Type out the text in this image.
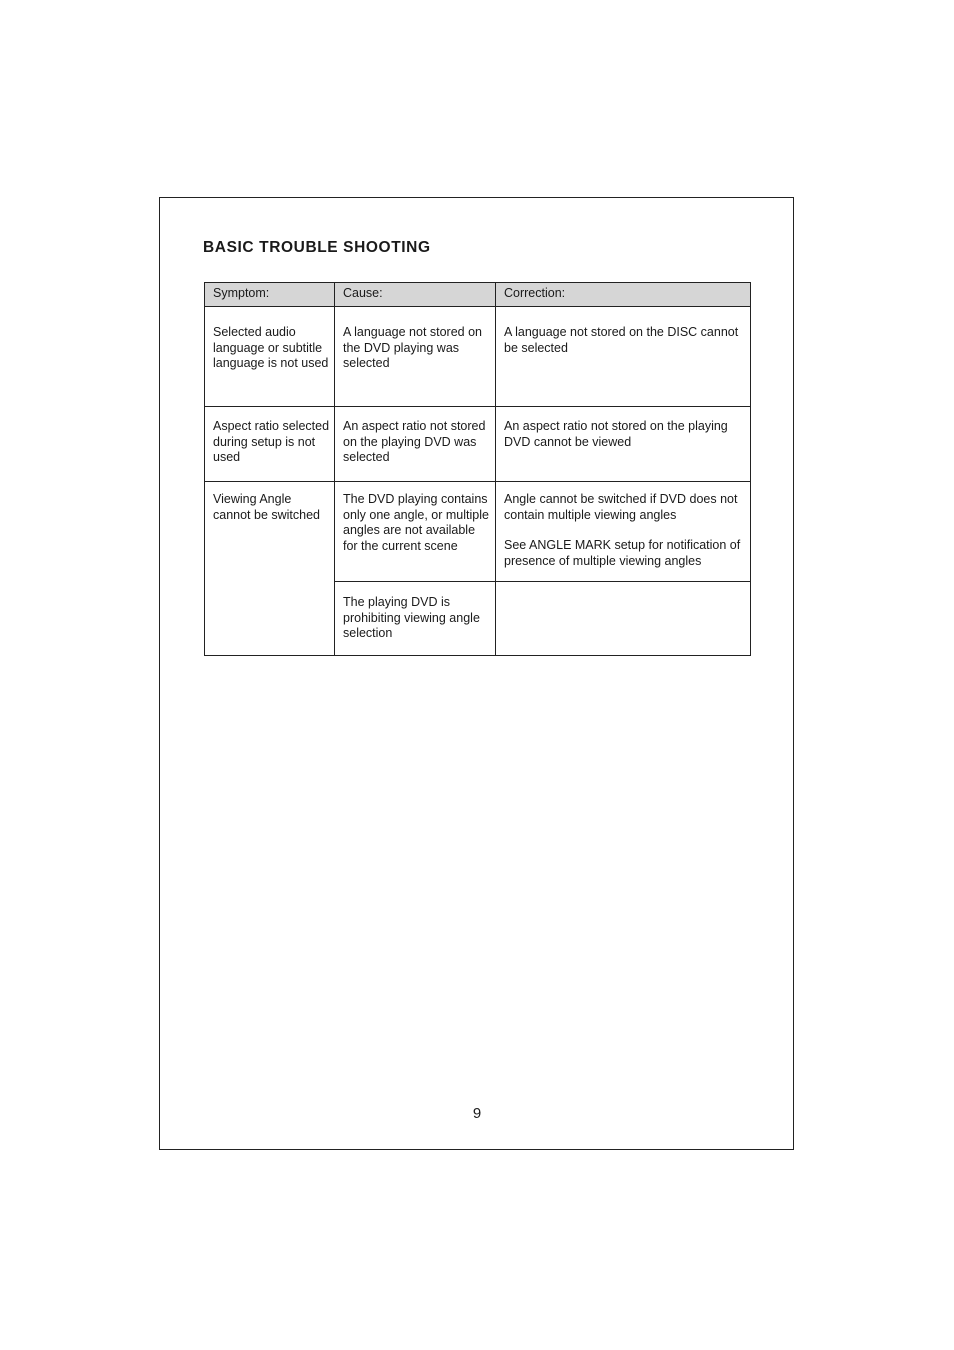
BASIC TROUBLE SHOOTING
Symptom:	Cause:	Correction:
Selected audio language or subtitle language is not used	A language not stored on the DVD playing was selected	A language not stored on the DISC cannot be selected
Aspect ratio selected during setup is not used	An aspect ratio not stored on the playing DVD was selected	An aspect ratio not stored on the playing DVD cannot be viewed
Viewing Angle cannot be switched	The DVD playing contains only one angle, or multiple angles are not available for the current scene	Angle cannot be switched if DVD does not contain multiple viewing angles
See ANGLE MARK setup for notification of presence of multiple viewing angles

	The playing DVD is prohibiting viewing angle selection	
9
